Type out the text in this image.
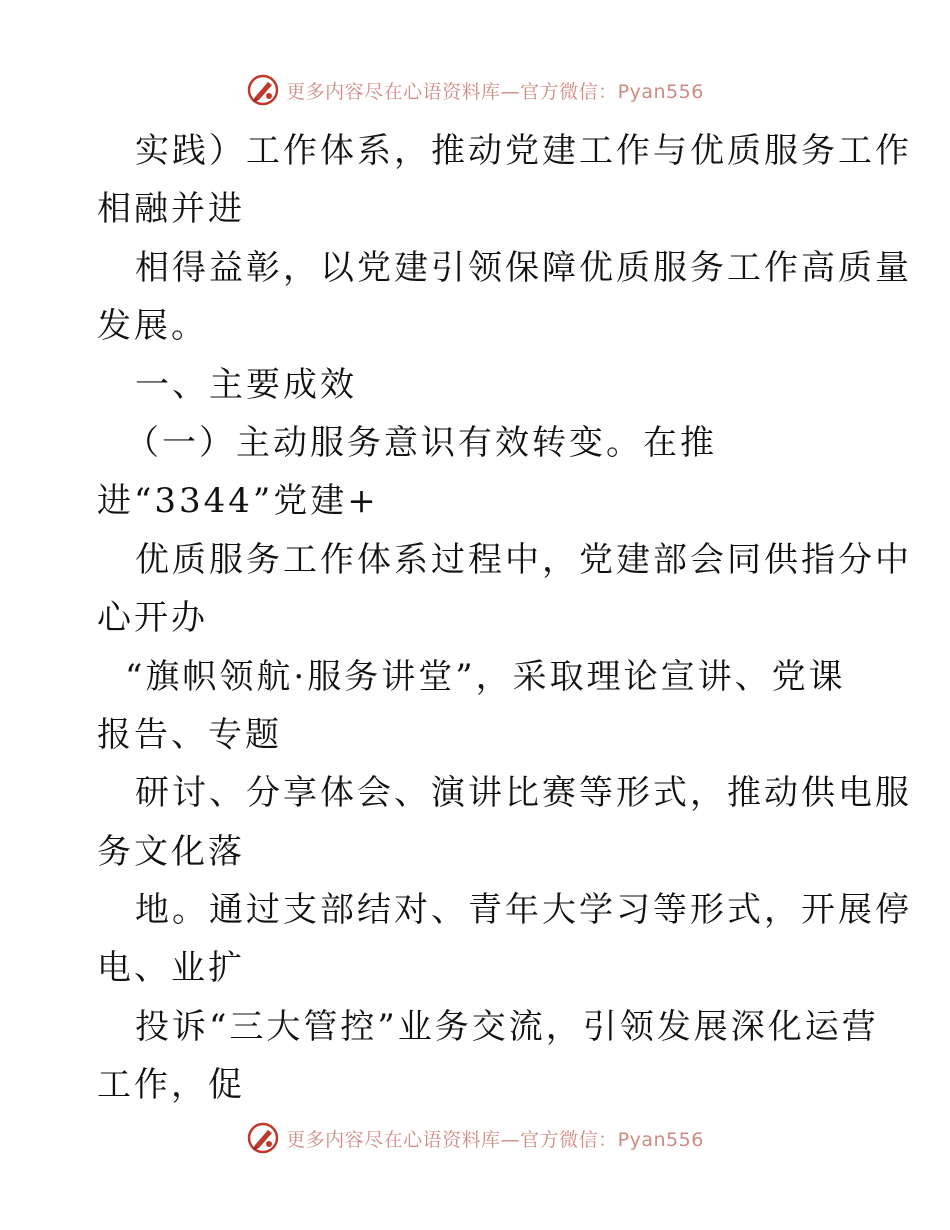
更多内容尽在心语资料库—官方微信：Pyan556
实践）工作体系，推动党建工作与优质服务工作
相融并进
相得益彰，以党建引领保障优质服务工作高质量
发展。
一、主要成效
（一）主动服务意识有效转变。在推
进“3344”党建+
优质服务工作体系过程中，党建部会同供指分中
心开办
“旗帜领航·服务讲堂”，采取理论宣讲、党课
报告、专题
研讨、分享体会、演讲比赛等形式，推动供电服
务文化落
地。通过支部结对、青年大学习等形式，开展停
电、业扩
投诉“三大管控”业务交流，引领发展深化运营
工作，促
更多内容尽在心语资料库—官方微信：Pyan556
